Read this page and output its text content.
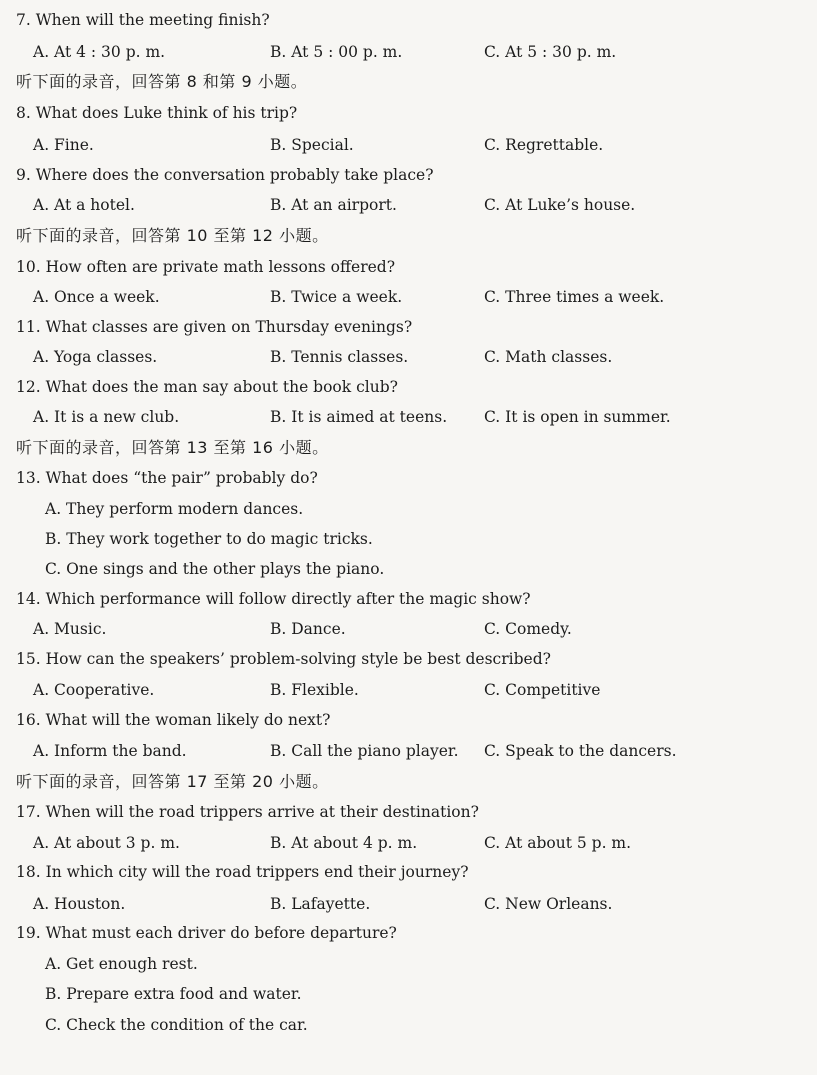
7. When will the meeting finish?
A. At 4 : 30 p. m.	B. At 5 : 00 p. m.	C. At 5 : 30 p. m.
听下面的录音，回答第 8 和第 9 小题。
8. What does Luke think of his trip?
A. Fine.	B. Special.	C. Regrettable.
9. Where does the conversation probably take place?
A. At a hotel.	B. At an airport.	C. At Luke’s house.
听下面的录音，回答第 10 至第 12 小题。
10. How often are private math lessons offered?
A. Once a week.	B. Twice a week.	C. Three times a week.
11. What classes are given on Thursday evenings?
A. Yoga classes.	B. Tennis classes.	C. Math classes.
12. What does the man say about the book club?
A. It is a new club.	B. It is aimed at teens. C. It is open in summer.
听下面的录音，回答第 13 至第 16 小题。
13. What does “the pair” probably do?
A. They perform modern dances.
B. They work together to do magic tricks.
C. One sings and the other plays the piano.
14. Which performance will follow directly after the magic show?
A. Music.	B. Dance.	C. Comedy.
15. How can the speakers’ problem-solving style be best described?
A. Cooperative.	B. Flexible.	C. Competitive
16. What will the woman likely do next?
A. Inform the band.	B. Call the piano player. C. Speak to the dancers.
听下面的录音，回答第 17 至第 20 小题。
17. When will the road trippers arrive at their destination?
A. At about 3 p. m.	B. At about 4 p. m.	C. At about 5 p. m.
18. In which city will the road trippers end their journey?
A. Houston.	B. Lafayette.	C. New Orleans.
19. What must each driver do before departure?
A. Get enough rest.
B. Prepare extra food and water.
C. Check the condition of the car.
